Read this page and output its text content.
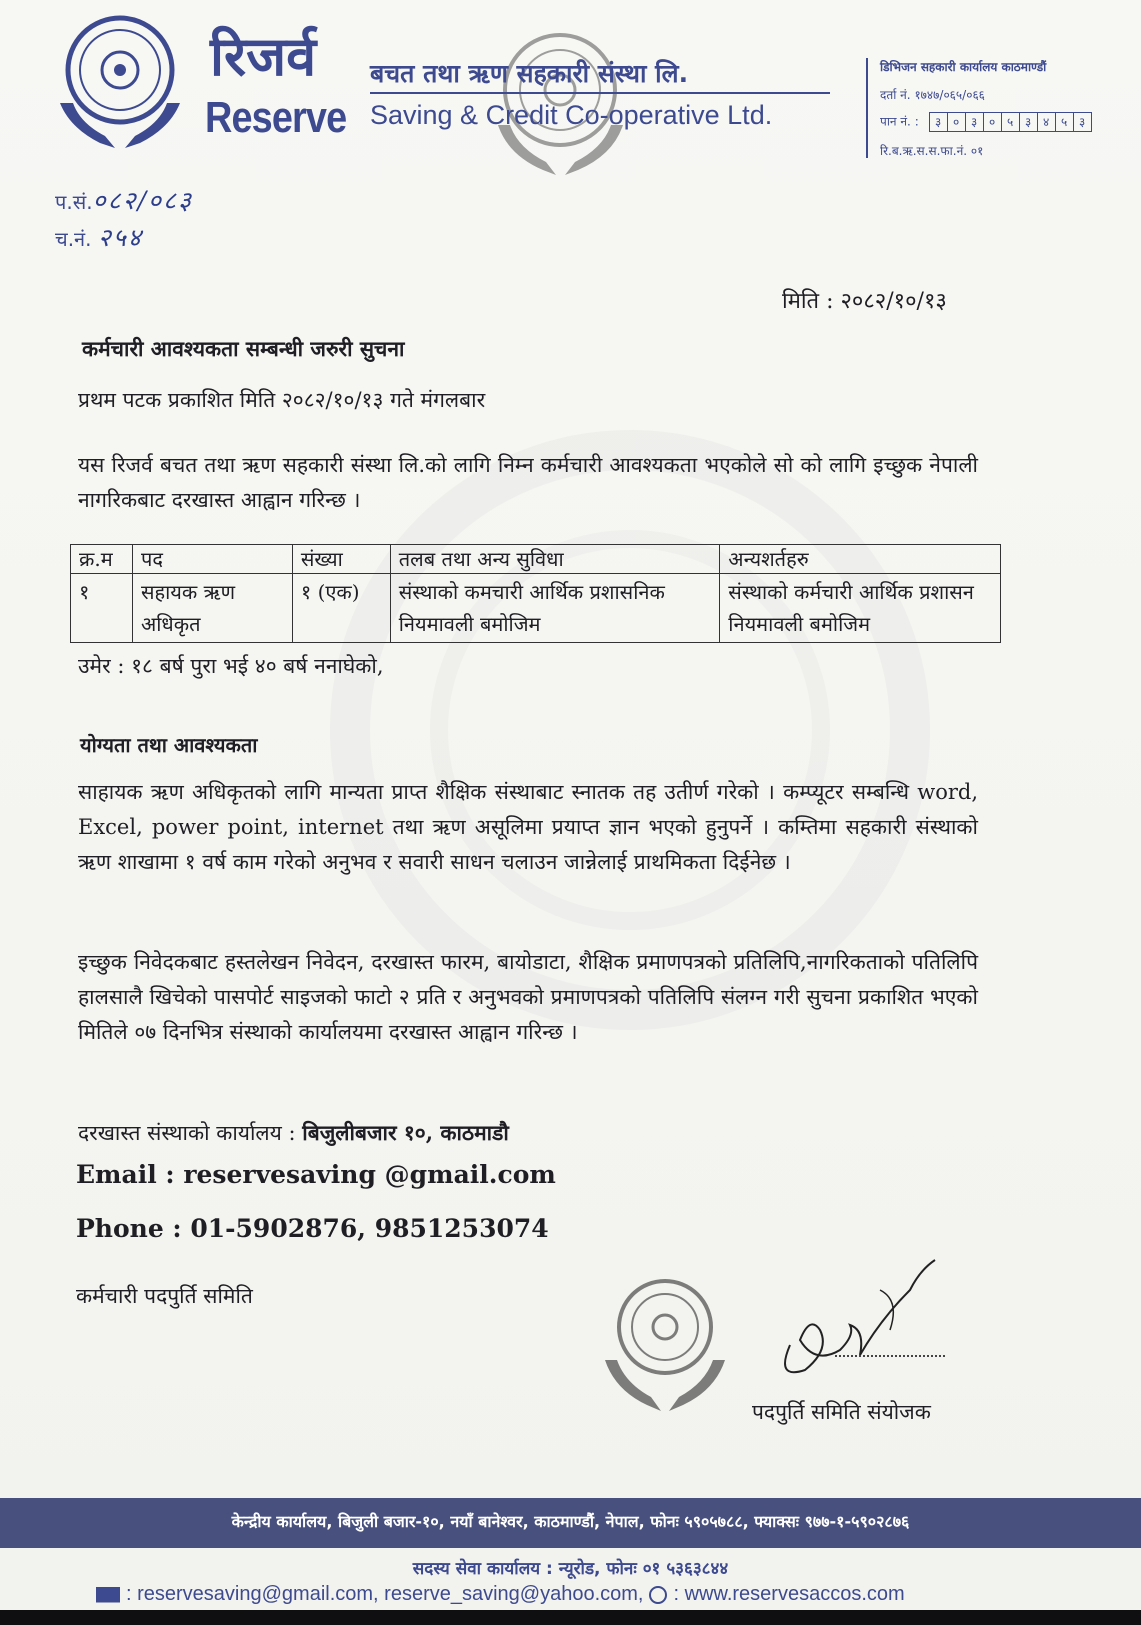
रिजर्व
Reserve
बचत तथा ऋण सहकारी संस्था लि.
Saving & Credit Co-operative Ltd.
डिभिजन सहकारी कार्यालय काठमाण्डौं
दर्ता नं. १७४७/०६५/०६६
पान नं. :	३ ० ३ ० ५ ३ ४ ५ ३
रि.ब.ऋ.स.स.फा.नं. ०१
प.सं.०८२/०८३
च.नं. २५४
मिति : २०८२/१०/१३
कर्मचारी आवश्यकता सम्बन्धी जरुरी सुचना
प्रथम पटक प्रकाशित मिति २०८२/१०/१३ गते मंगलबार
यस रिजर्व बचत तथा ऋण सहकारी संस्था लि.को लागि निम्न कर्मचारी आवश्यकता भएकोले सो को लागि इच्छुक नेपाली नागरिकबाट दरखास्त आह्वान गरिन्छ ।
क्र.म	पद	संख्या	तलब तथा अन्य सुविधा	अन्यशर्तहरु
१	सहायक ऋण अधिकृत	१ (एक)	संस्थाको कमचारी आर्थिक प्रशासनिक नियमावली बमोजिम	संस्थाको कर्मचारी आर्थिक प्रशासन नियमावली बमोजिम
उमेर : १८ बर्ष पुरा भई ४० बर्ष ननाघेको,
योग्यता तथा आवश्यकता
साहायक ऋण अधिकृतको लागि मान्यता प्राप्त शैक्षिक संस्थाबाट स्नातक तह उतीर्ण गरेको । कम्प्यूटर सम्बन्धि word, Excel, power point, internet तथा ऋण असूलिमा प्रयाप्त ज्ञान भएको हुनुपर्ने । कम्तिमा सहकारी संस्थाको ऋण शाखामा १ वर्ष काम गरेको अनुभव र सवारी साधन चलाउन जान्नेलाई प्राथमिकता दिईनेछ ।
इच्छुक निवेदकबाट हस्तलेखन निवेदन, दरखास्त फारम, बायोडाटा, शैक्षिक प्रमाणपत्रको प्रतिलिपि,नागरिकताको पतिलिपि हालसालै खिचेको पासपोर्ट साइजको फाटो २ प्रति र अनुभवको प्रमाणपत्रको पतिलिपि संलग्न गरी सुचना प्रकाशित भएको मितिले ०७ दिनभित्र संस्थाको कार्यालयमा दरखास्त आह्वान गरिन्छ ।
दरखास्त संस्थाको कार्यालय : बिजुलीबजार १०, काठमाडौ
Email : reservesaving @gmail.com
Phone : 01-5902876, 9851253074
कर्मचारी पदपुर्ति समिति
पदपुर्ति समिति संयोजक
केन्द्रीय कार्यालय, बिजुली बजार-१०, नयाँ बानेश्वर, काठमाण्डौं, नेपाल, फोनः ५९०५७८८, फ्याक्सः ९७७-१-५९०२८७६
सदस्य सेवा कार्यालय : न्यूरोड, फोनः ०१ ५३६३८४४
: reservesaving@gmail.com, reserve_saving@yahoo.com, : www.reservesaccos.com
